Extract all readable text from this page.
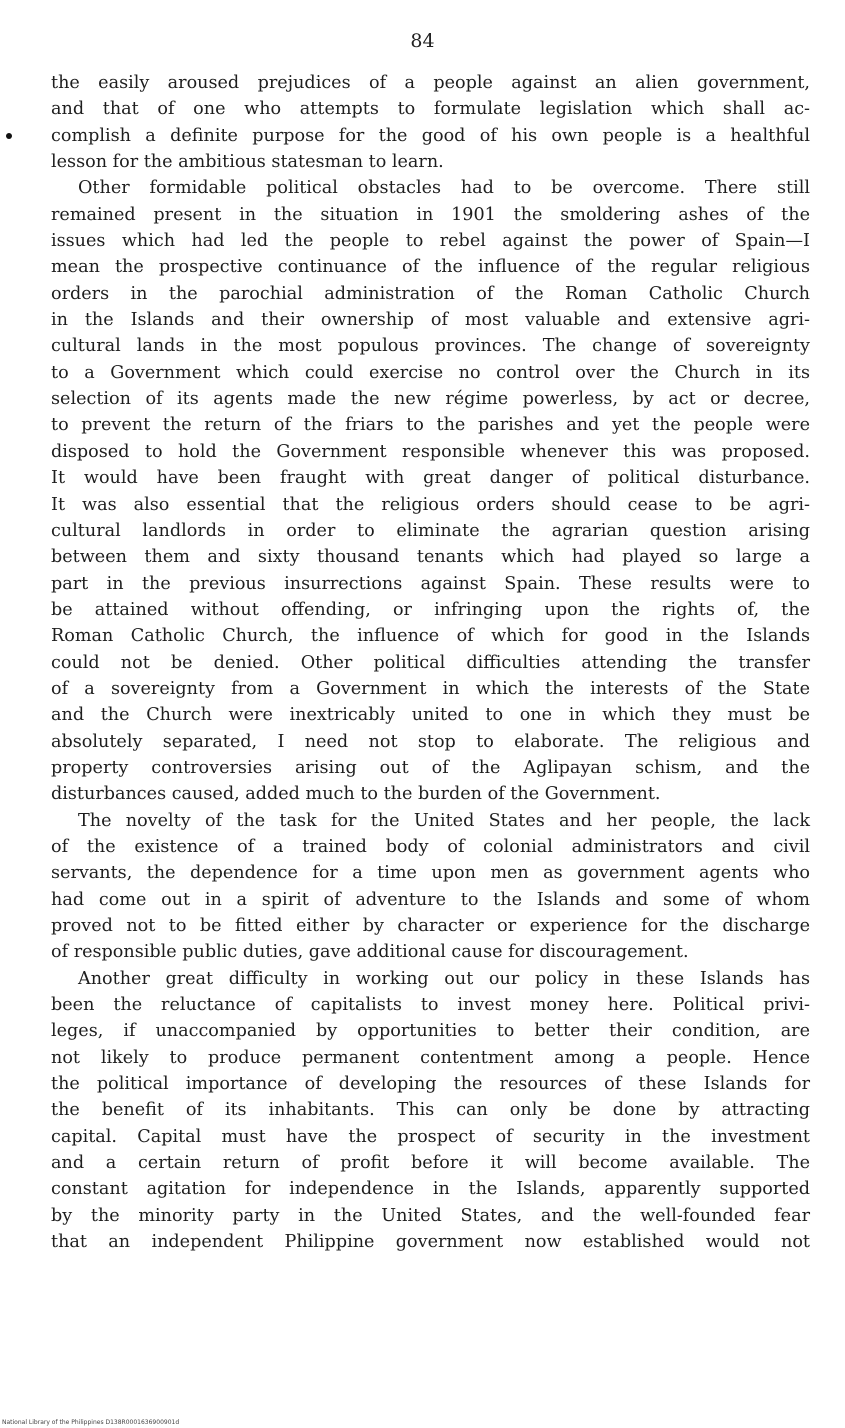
84
the easily aroused prejudices of a people against an alien government,
and that of one who attempts to formulate legislation which shall ac-
complish a definite purpose for the good of his own people is a healthful
lesson for the ambitious statesman to learn.
Other formidable political obstacles had to be overcome. There still
remained present in the situation in 1901 the smoldering ashes of the
issues which had led the people to rebel against the power of Spain—I
mean the prospective continuance of the influence of the regular religious
orders in the parochial administration of the Roman Catholic Church
in the Islands and their ownership of most valuable and extensive agri-
cultural lands in the most populous provinces. The change of sovereignty
to a Government which could exercise no control over the Church in its
selection of its agents made the new régime powerless, by act or decree,
to prevent the return of the friars to the parishes and yet the people were
disposed to hold the Government responsible whenever this was proposed.
It would have been fraught with great danger of political disturbance.
It was also essential that the religious orders should cease to be agri-
cultural landlords in order to eliminate the agrarian question arising
between them and sixty thousand tenants which had played so large a
part in the previous insurrections against Spain. These results were to
be attained without offending, or infringing upon the rights of, the
Roman Catholic Church, the influence of which for good in the Islands
could not be denied. Other political difficulties attending the transfer
of a sovereignty from a Government in which the interests of the State
and the Church were inextricably united to one in which they must be
absolutely separated, I need not stop to elaborate. The religious and
property controversies arising out of the Aglipayan schism, and the
disturbances caused, added much to the burden of the Government.
The novelty of the task for the United States and her people, the lack
of the existence of a trained body of colonial administrators and civil
servants, the dependence for a time upon men as government agents who
had come out in a spirit of adventure to the Islands and some of whom
proved not to be fitted either by character or experience for the discharge
of responsible public duties, gave additional cause for discouragement.
Another great difficulty in working out our policy in these Islands has
been the reluctance of capitalists to invest money here. Political privi-
leges, if unaccompanied by opportunities to better their condition, are
not likely to produce permanent contentment among a people. Hence
the political importance of developing the resources of these Islands for
the benefit of its inhabitants. This can only be done by attracting
capital. Capital must have the prospect of security in the investment
and a certain return of profit before it will become available. The
constant agitation for independence in the Islands, apparently supported
by the minority party in the United States, and the well-founded fear
that an independent Philippine government now established would not
National Library of the Philippines D138R0001636900901d
